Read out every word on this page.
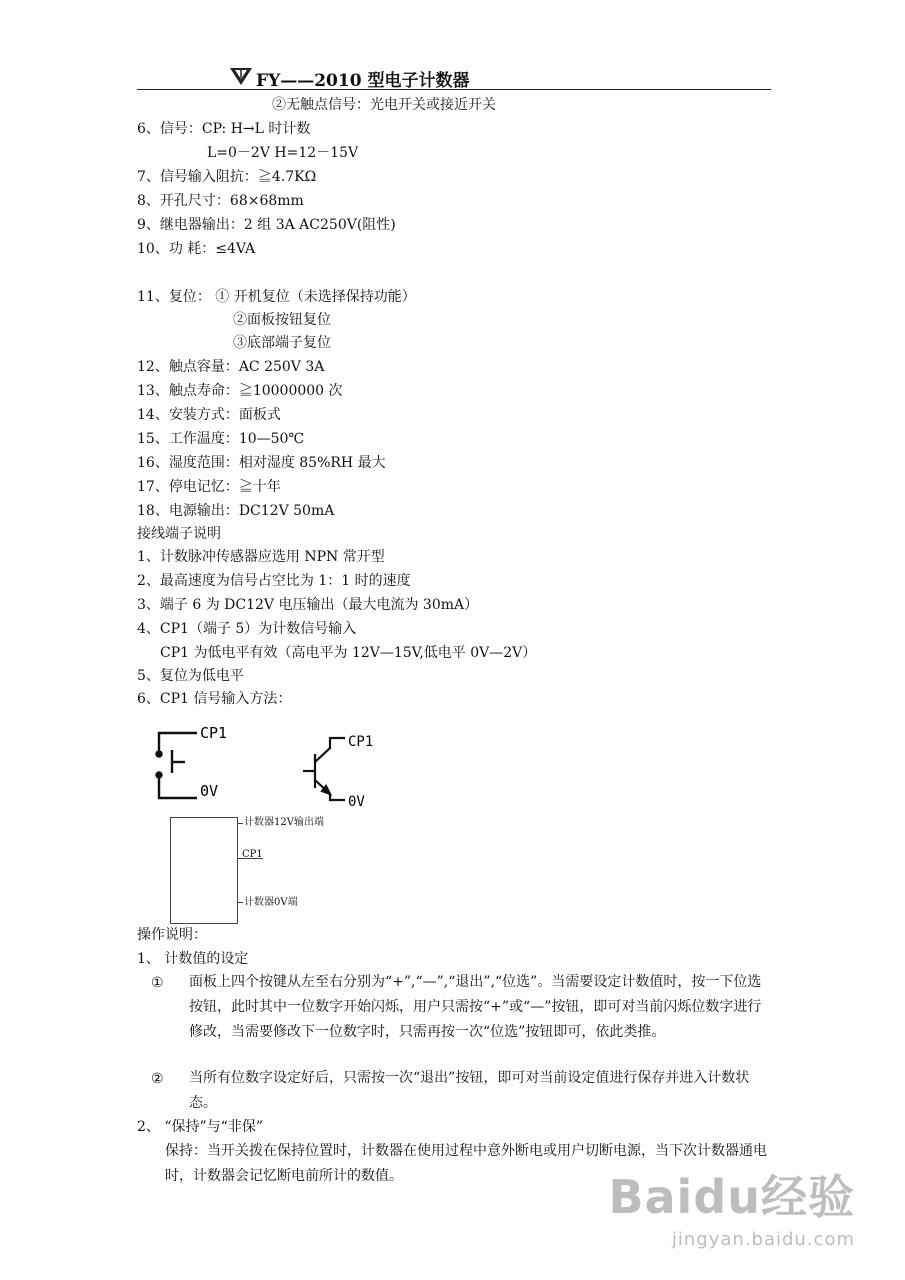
FY——2010 型电子计数器
②无触点信号：光电开关或接近开关
6、信号：CP: H→L 时计数
L=0－2V H=12－15V
7、信号输入阻抗：≧4.7KΩ
8、开孔尺寸：68×68mm
9、继电器输出：2 组 3A AC250V(阻性)
10、功 耗：≤4VA
11、复位： ① 开机复位（未选择保持功能）
②面板按钮复位
③底部端子复位
12、触点容量：AC 250V 3A
13、触点寿命：≧10000000 次
14、安装方式：面板式
15、工作温度：10—50℃
16、湿度范围：相对湿度 85%RH 最大
17、停电记忆：≧十年
18、电源输出：DC12V 50mA
接线端子说明
1、计数脉冲传感器应选用 NPN 常开型
2、最高速度为信号占空比为 1：1 时的速度
3、端子 6 为 DC12V 电压输出（最大电流为 30mA）
4、CP1（端子 5）为计数信号输入
CP1 为低电平有效（高电平为 12V—15V,低电平 0V—2V）
5、复位为低电平
6、CP1 信号输入方法：
CP1
0V
CP1
0V
计数器12V输出端
CP1
计数器0V端
操作说明：
1、 计数值的设定
① 面板上四个按键从左至右分别为“+”,“—”,“退出”,“位选”。当需要设定计数值时，按一下位选按钮，此时其中一位数字开始闪烁，用户只需按“+”或“—”按钮，即可对当前闪烁位数字进行修改，当需要修改下一位数字时，只需再按一次“位选”按钮即可，依此类推。
② 当所有位数字设定好后，只需按一次“退出”按钮，即可对当前设定值进行保存并进入计数状态。
2、 “保持”与“非保”
保持：当开关拨在保持位置时，计数器在使用过程中意外断电或用户切断电源，当下次计数器通电时，计数器会记忆断电前所计的数值。	Baidu经验
jingyan.baidu.com
